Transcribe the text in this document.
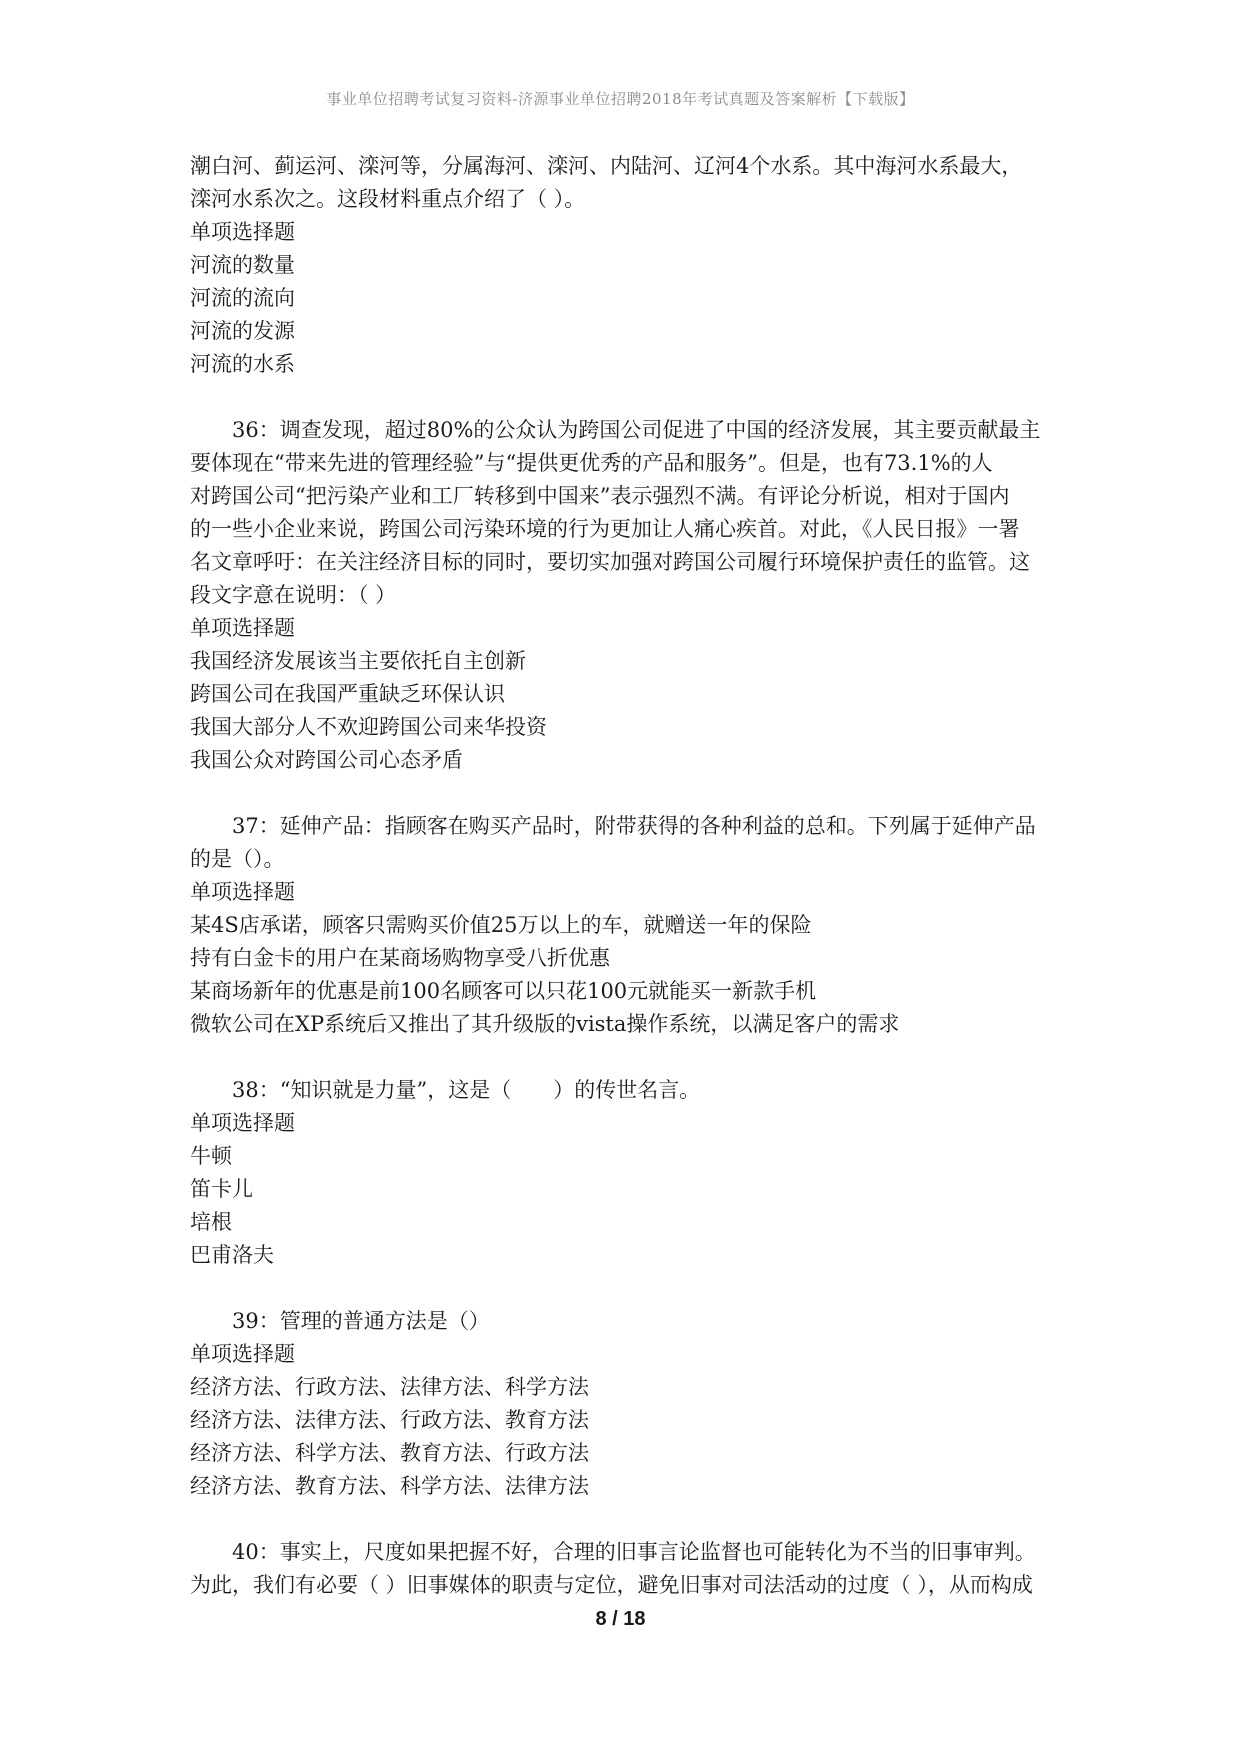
事业单位招聘考试复习资料-济源事业单位招聘2018年考试真题及答案解析【下载版】

潮白河、蓟运河、滦河等，分属海河、滦河、内陆河、辽河4个水系。其中海河水系最大，

滦河水系次之。这段材料重点介绍了（ ）。

单项选择题

河流的数量

河流的流向

河流的发源

河流的水系

36：调查发现，超过80%的公众认为跨国公司促进了中国的经济发展，其主要贡献最主

要体现在“带来先进的管理经验”与“提供更优秀的产品和服务”。但是，也有73.1%的人

对跨国公司“把污染产业和工厂转移到中国来”表示强烈不满。有评论分析说，相对于国内

的一些小企业来说，跨国公司污染环境的行为更加让人痛心疾首。对此，《人民日报》一署

名文章呼吁：在关注经济目标的同时，要切实加强对跨国公司履行环境保护责任的监管。这

段文字意在说明：（ ）

单项选择题

我国经济发展该当主要依托自主创新

跨国公司在我国严重缺乏环保认识

我国大部分人不欢迎跨国公司来华投资

我国公众对跨国公司心态矛盾

37：延伸产品：指顾客在购买产品时，附带获得的各种利益的总和。下列属于延伸产品

的是（）。

单项选择题

某4S店承诺，顾客只需购买价值25万以上的车，就赠送一年的保险

持有白金卡的用户在某商场购物享受八折优惠

某商场新年的优惠是前100名顾客可以只花100元就能买一新款手机

微软公司在XP系统后又推出了其升级版的vista操作系统，以满足客户的需求

38：“知识就是力量”，这是（　　）的传世名言。

单项选择题

牛顿

笛卡儿

培根

巴甫洛夫

39：管理的普通方法是（）

单项选择题

经济方法、行政方法、法律方法、科学方法

经济方法、法律方法、行政方法、教育方法

经济方法、科学方法、教育方法、行政方法

经济方法、教育方法、科学方法、法律方法

40：事实上，尺度如果把握不好，合理的旧事言论监督也可能转化为不当的旧事审判。

为此，我们有必要（ ）旧事媒体的职责与定位，避免旧事对司法活动的过度（ ），从而构成

8 / 18
